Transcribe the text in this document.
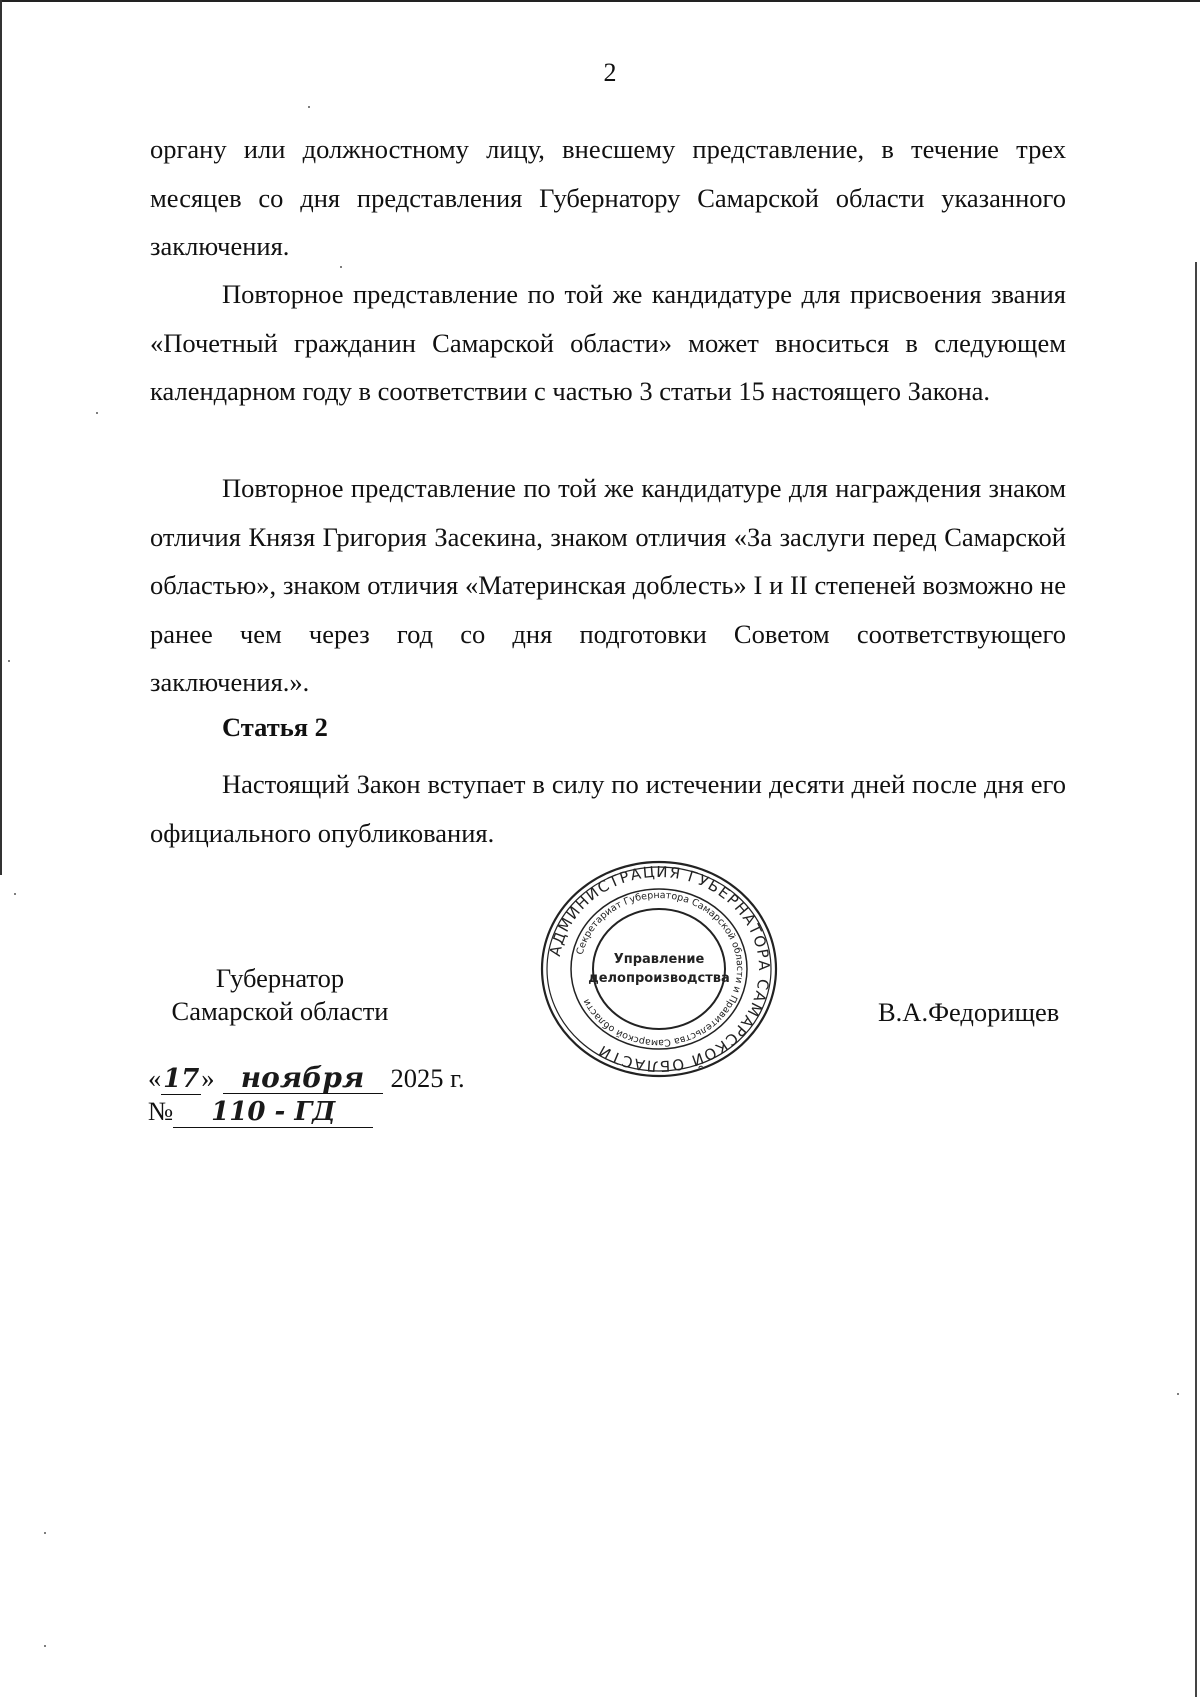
2

органу или должностному лицу, внесшему представление, в течение трех месяцев со дня представления Губернатору Самарской области указанного заключения.

Повторное представление по той же кандидатуре для присвоения звания «Почетный гражданин Самарской области» может вноситься в следующем календарном году в соответствии с частью 3 статьи 15 настоящего Закона.

Повторное представление по той же кандидатуре для награждения знаком отличия Князя Григория Засекина, знаком отличия «За заслуги перед Самарской областью», знаком отличия «Материнская доблесть» I и II степеней возможно не ранее чем через год со дня подготовки Советом соответствующего заключения.».

Статья 2

Настоящий Закон вступает в силу по истечении десяти дней после дня его официального опубликования.

Губернатор
Самарской области
АДМИНИСТРАЦИЯ ГУБЕРНАТОРА САМАРСКОЙ ОБЛАСТИ
Секретариат Губернатора Самарской области и Правительства Самарской области
Управление
делопроизводства
В.А.Федорищев
«17» ноября 2025 г.
№ 110 - ГД
